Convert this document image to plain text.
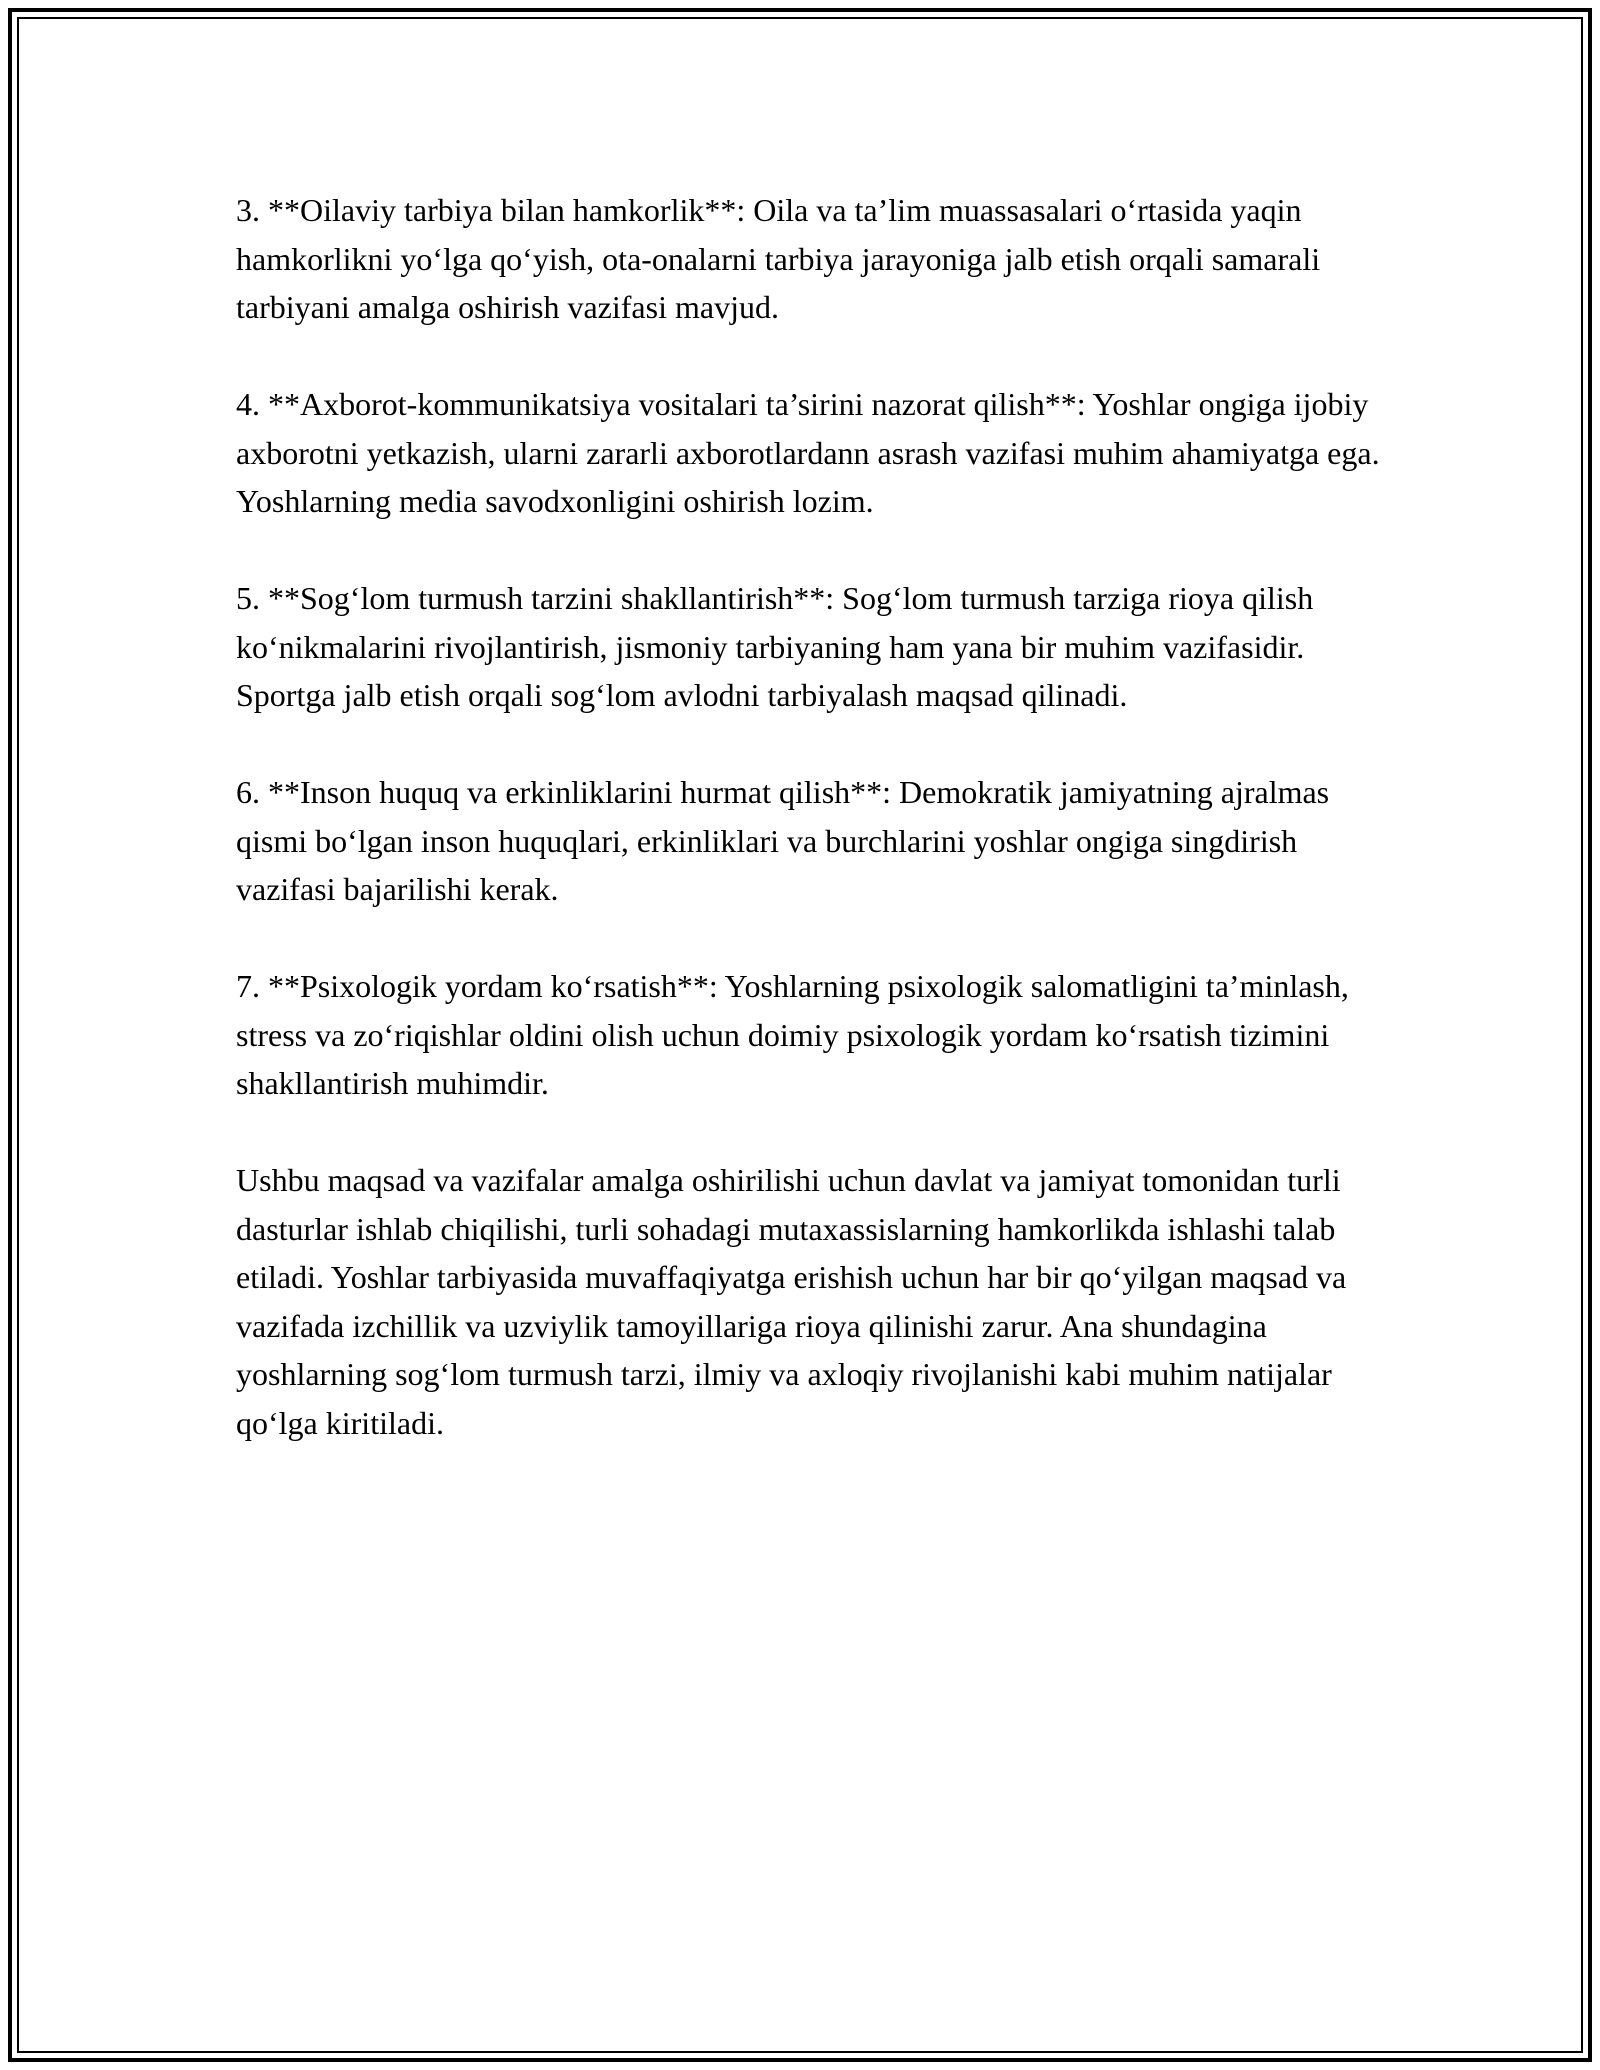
3. **Oilaviy tarbiya bilan hamkorlik**: Oila va ta’lim muassasalari o‘rtasida yaqin hamkorlikni yo‘lga qo‘yish, ota-onalarni tarbiya jarayoniga jalb etish orqali samarali tarbiyani amalga oshirish vazifasi mavjud.

4. **Axborot-kommunikatsiya vositalari ta’sirini nazorat qilish**: Yoshlar ongiga ijobiy axborotni yetkazish, ularni zararli axborotlardann asrash vazifasi muhim ahamiyatga ega. Yoshlarning media savodxonligini oshirish lozim.

5. **Sog‘lom turmush tarzini shakllantirish**: Sog‘lom turmush tarziga rioya qilish ko‘nikmalarini rivojlantirish, jismoniy tarbiyaning ham yana bir muhim vazifasidir. Sportga jalb etish orqali sog‘lom avlodni tarbiyalash maqsad qilinadi.

6. **Inson huquq va erkinliklarini hurmat qilish**: Demokratik jamiyatning ajralmas qismi bo‘lgan inson huquqlari, erkinliklari va burchlarini yoshlar ongiga singdirish vazifasi bajarilishi kerak.

7. **Psixologik yordam ko‘rsatish**: Yoshlarning psixologik salomatligini ta’minlash, stress va zo‘riqishlar oldini olish uchun doimiy psixologik yordam ko‘rsatish tizimini shakllantirish muhimdir.

Ushbu maqsad va vazifalar amalga oshirilishi uchun davlat va jamiyat tomonidan turli dasturlar ishlab chiqilishi, turli sohadagi mutaxassislarning hamkorlikda ishlashi talab etiladi. Yoshlar tarbiyasida muvaffaqiyatga erishish uchun har bir qo‘yilgan maqsad va vazifada izchillik va uzviylik tamoyillariga rioya qilinishi zarur. Ana shundagina yoshlarning sog‘lom turmush tarzi, ilmiy va axloqiy rivojlanishi kabi muhim natijalar qo‘lga kiritiladi.
